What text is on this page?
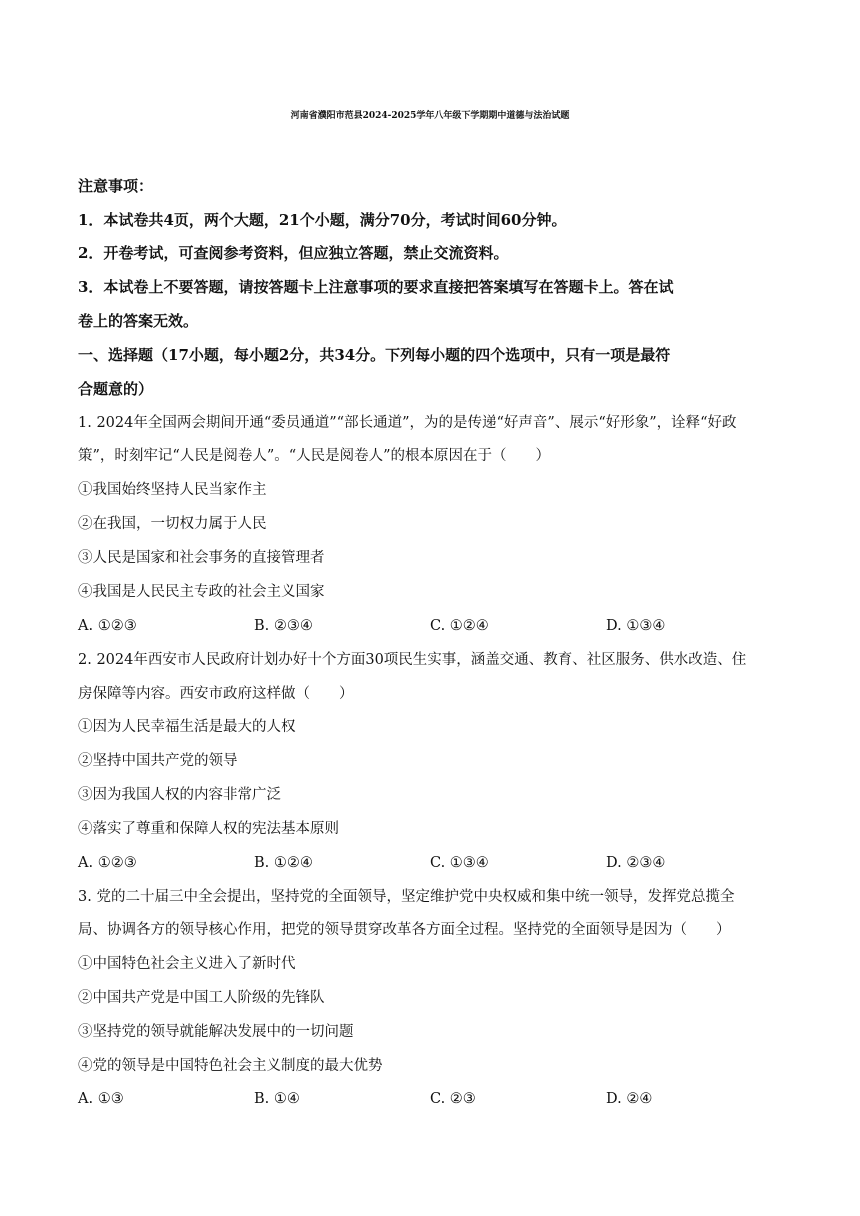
河南省濮阳市范县2024-2025学年八年级下学期期中道德与法治试题
注意事项：
1．本试卷共4页，两个大题，21个小题，满分70分，考试时间60分钟。
2．开卷考试，可查阅参考资料，但应独立答题，禁止交流资料。
3．本试卷上不要答题，请按答题卡上注意事项的要求直接把答案填写在答题卡上。答在试
卷上的答案无效。
一、选择题（17小题，每小题2分，共34分。下列每小题的四个选项中，只有一项是最符
合题意的）
1. 2024年全国两会期间开通“委员通道”“部长通道”，为的是传递“好声音”、展示“好形象”，诠释“好政
策”，时刻牢记“人民是阅卷人”。“人民是阅卷人”的根本原因在于（　　）
①我国始终坚持人民当家作主
②在我国，一切权力属于人民
③人民是国家和社会事务的直接管理者
④我国是人民民主专政的社会主义国家
A. ①②③	B. ②③④	C. ①②④	D. ①③④
2. 2024年西安市人民政府计划办好十个方面30项民生实事，涵盖交通、教育、社区服务、供水改造、住
房保障等内容。西安市政府这样做（　　）
①因为人民幸福生活是最大的人权
②坚持中国共产党的领导
③因为我国人权的内容非常广泛
④落实了尊重和保障人权的宪法基本原则
A. ①②③	B. ①②④	C. ①③④	D. ②③④
3. 党的二十届三中全会提出，坚持党的全面领导，坚定维护党中央权威和集中统一领导，发挥党总揽全
局、协调各方的领导核心作用，把党的领导贯穿改革各方面全过程。坚持党的全面领导是因为（　　）
①中国特色社会主义进入了新时代
②中国共产党是中国工人阶级的先锋队
③坚持党的领导就能解决发展中的一切问题
④党的领导是中国特色社会主义制度的最大优势
A. ①③	B. ①④	C. ②③	D. ②④
